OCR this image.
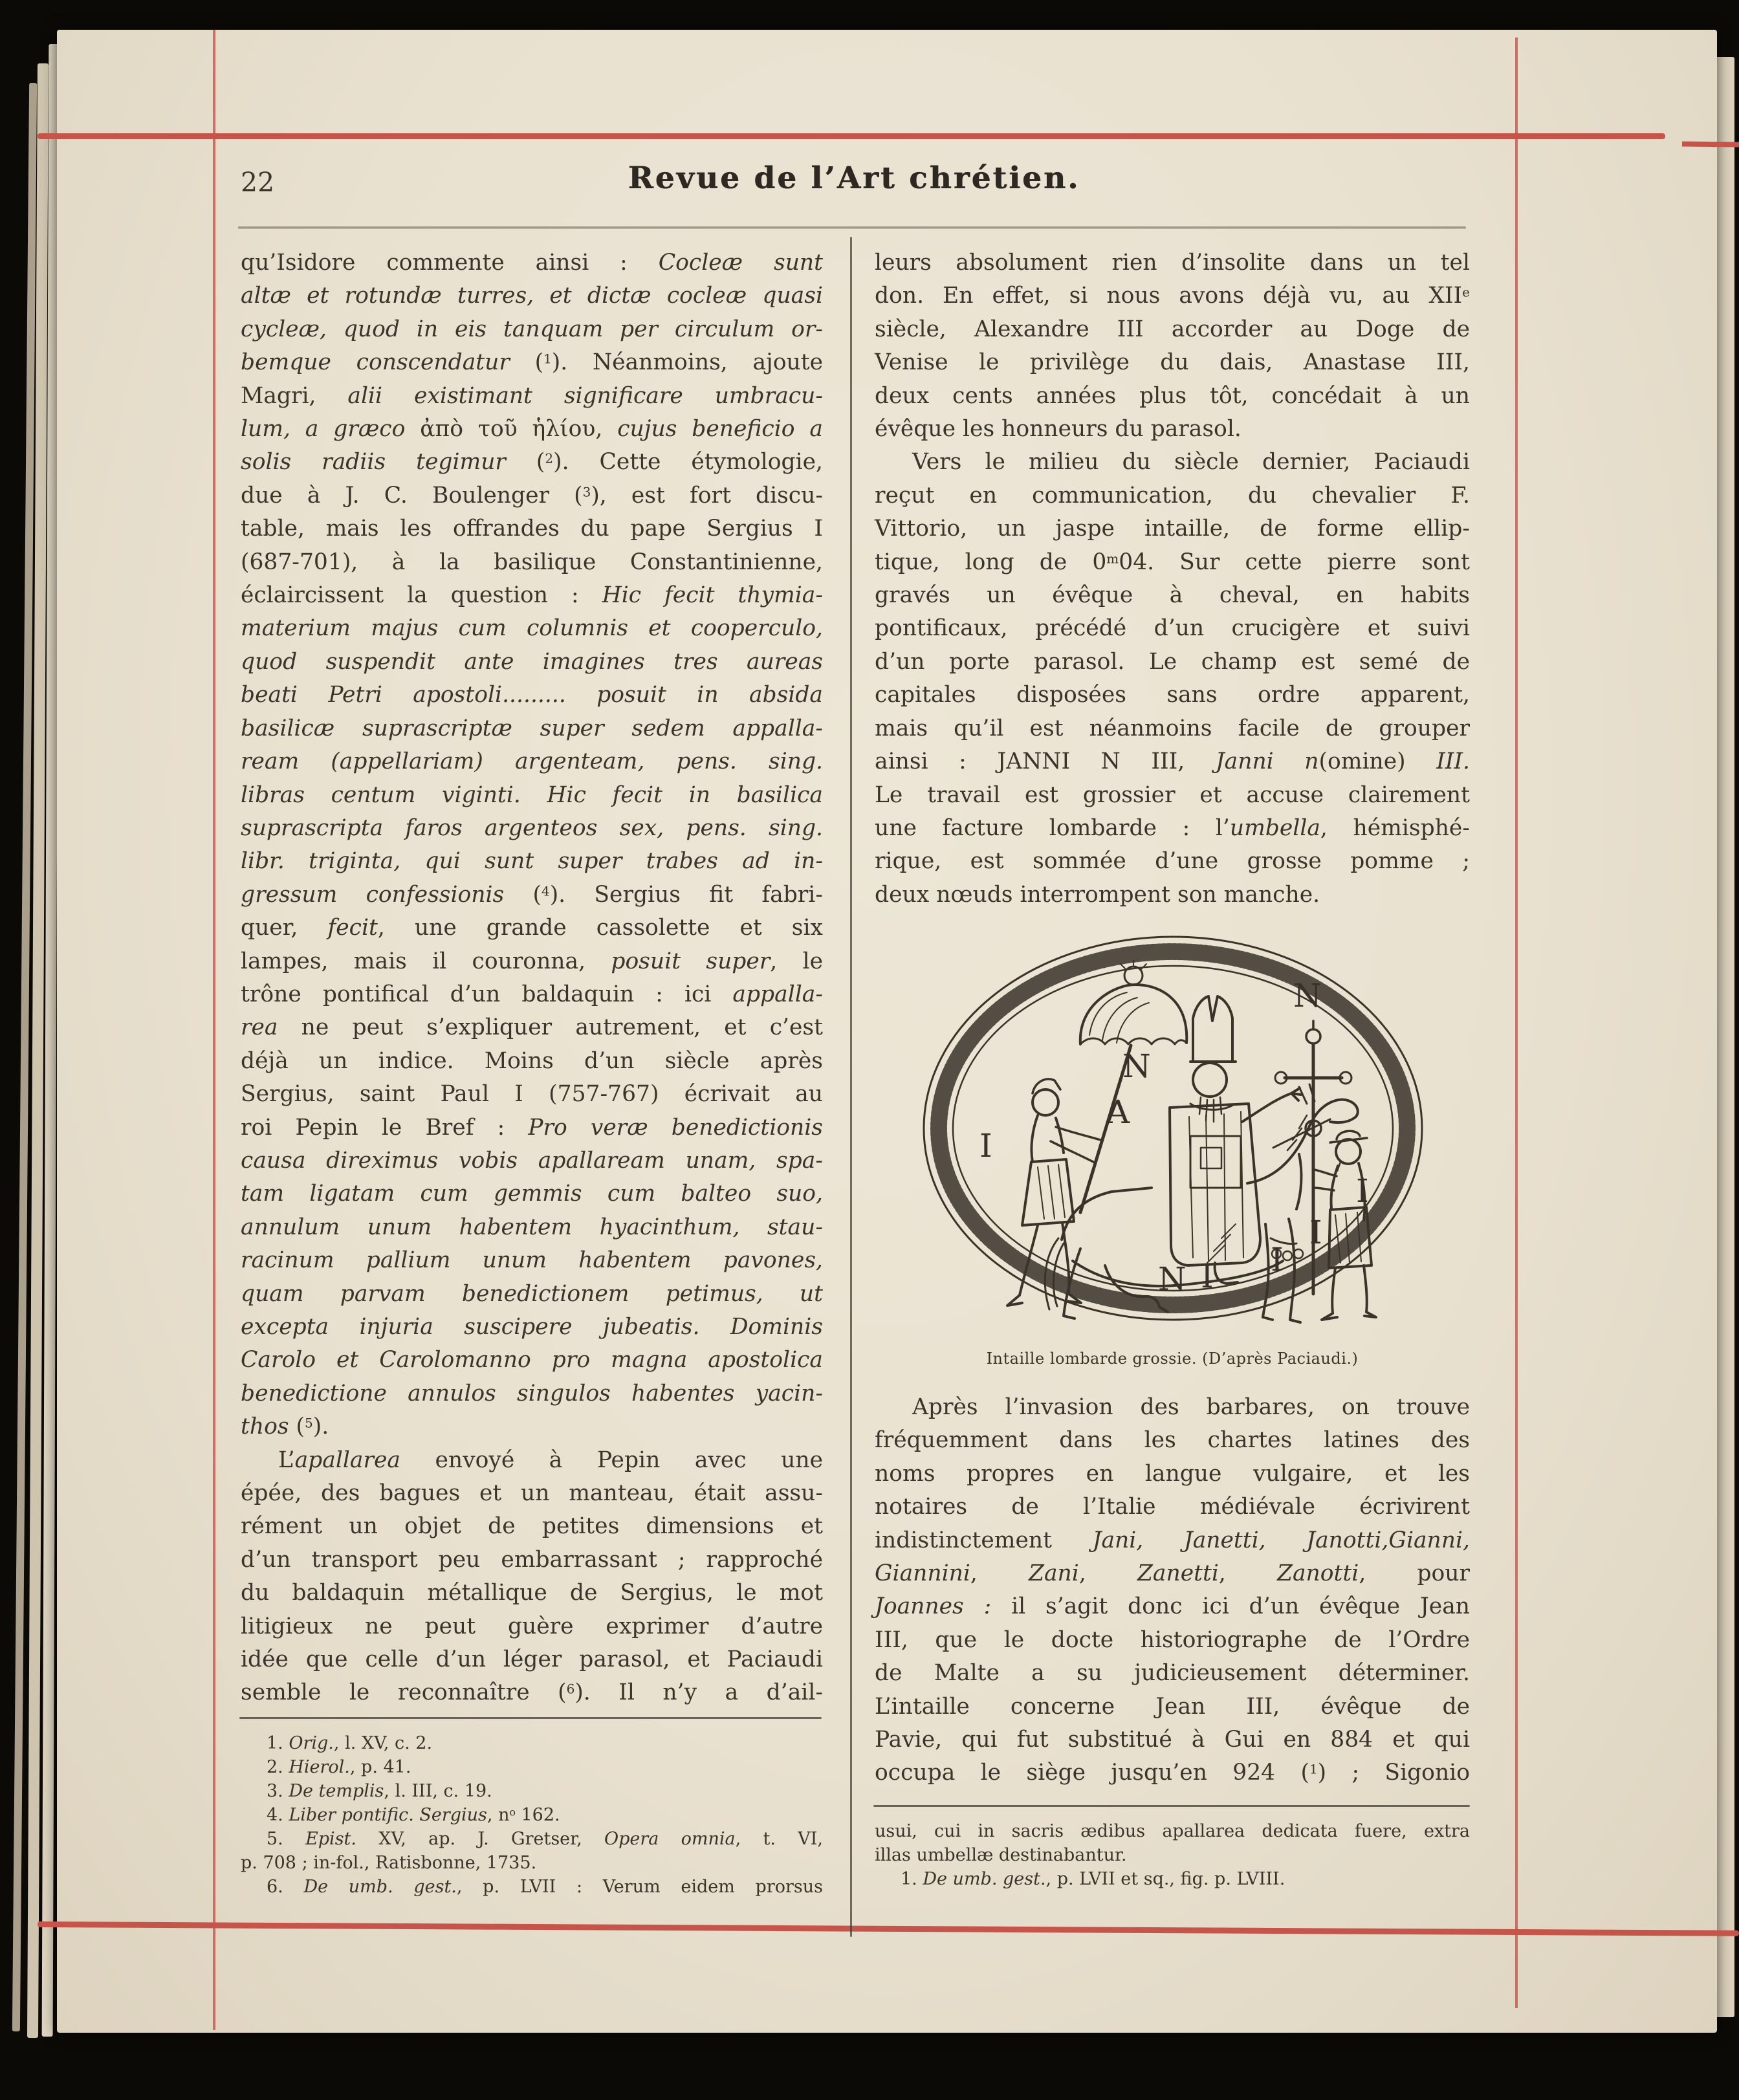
22	Revue de l’Art chrétien.
qu’Isidore commente ainsi : Cocleæ sunt
altæ et rotundæ turres, et dictæ cocleæ quasi
cycleæ, quod in eis tanquam per circulum or-
bemque conscendatur ($^1$). Néanmoins, ajoute
Magri, alii existimant significare umbracu-
lum, a græco ἀπὸ τοῦ ἡλίου, cujus beneficio a
solis radiis tegimur ($^2$). Cette étymologie,
due à J. C. Boulenger ($^3$), est fort discu-
table, mais les offrandes du pape Sergius I
(687-701), à la basilique Constantinienne,
éclaircissent la question : Hic fecit thymia-
materium majus cum columnis et cooperculo,
quod suspendit ante imagines tres aureas
beati Petri apostoli......... posuit in absida
basilicæ suprascriptæ super sedem appalla-
ream (appellariam) argenteam, pens. sing.
libras centum viginti. Hic fecit in basilica
suprascripta faros argenteos sex, pens. sing.
libr. triginta, qui sunt super trabes ad in-
gressum confessionis ($^4$). Sergius fit fabri-
quer, fecit, une grande cassolette et six
lampes, mais il couronna, posuit super, le
trône pontifical d’un baldaquin : ici appalla-
rea ne peut s’expliquer autrement, et c’est
déjà un indice. Moins d’un siècle après
Sergius, saint Paul I (757-767) écrivait au
roi Pepin le Bref : Pro veræ benedictionis
causa direximus vobis apallaream unam, spa-
tam ligatam cum gemmis cum balteo suo,
annulum unum habentem hyacinthum, stau-
racinum pallium unum habentem pavones,
quam parvam benedictionem petimus, ut
excepta injuria suscipere jubeatis. Dominis
Carolo et Carolomanno pro magna apostolica
benedictione annulos singulos habentes yacin-
thos ($^5$).
L’apallarea envoyé à Pepin avec une
épée, des bagues et un manteau, était assu-
rément un objet de petites dimensions et
d’un transport peu embarrassant ; rapproché
du baldaquin métallique de Sergius, le mot
litigieux ne peut guère exprimer d’autre
idée que celle d’un léger parasol, et Paciaudi
semble le reconnaître ($^6$). Il n’y a d’ail-
leurs absolument rien d’insolite dans un tel
don. En effet, si nous avons déjà vu, au XIIe
siècle, Alexandre III accorder au Doge de
Venise le privilège du dais, Anastase III,
deux cents années plus tôt, concédait à un
évêque les honneurs du parasol.
Vers le milieu du siècle dernier, Paciaudi
reçut en communication, du chevalier F.
Vittorio, un jaspe intaille, de forme ellip-
tique, long de 0$^m$04. Sur cette pierre sont
gravés un évêque à cheval, en habits
pontificaux, précédé d’un crucigère et suivi
d’un porte parasol. Le champ est semé de
capitales disposées sans ordre apparent,
mais qu’il est néanmoins facile de grouper
ainsi : JANNI N III, Janni n(omine) III.
Le travail est grossier et accuse clairement
une facture lombarde : l’umbella, hémisphé-
rique, est sommée d’une grosse pomme ;
deux nœuds interrompent son manche.
I
N
A
N
I
I
I
N I
Intaille lombarde grossie. (D’après Paciaudi.)
Après l’invasion des barbares, on trouve
fréquemment dans les chartes latines des
noms propres en langue vulgaire, et les
notaires de l’Italie médiévale écrivirent
indistinctement Jani, Janetti, Janotti,Gianni,
Giannini, Zani, Zanetti, Zanotti, pour
Joannes : il s’agit donc ici d’un évêque Jean
III, que le docte historiographe de l’Ordre
de Malte a su judicieusement déterminer.
L’intaille concerne Jean III, évêque de
Pavie, qui fut substitué à Gui en 884 et qui
occupa le siège jusqu’en 924 ($^1$) ; Sigonio
1. Orig., l. XV, c. 2.
2. Hierol., p. 41.
3. De templis, l. III, c. 19.
4. Liber pontific. Sergius, $n^o$ 162.
5. Epist. XV, ap. J. Gretser, Opera omnia, t. VI,
p. 708 ; in-fol., Ratisbonne, 1735.
6. De umb. gest., p. LVII : Verum eidem prorsus
usui, cui in sacris ædibus apallarea dedicata fuere, extra
illas umbellæ destinabantur.
1. De umb. gest., p. LVII et sq., fig. p. LVIII.
